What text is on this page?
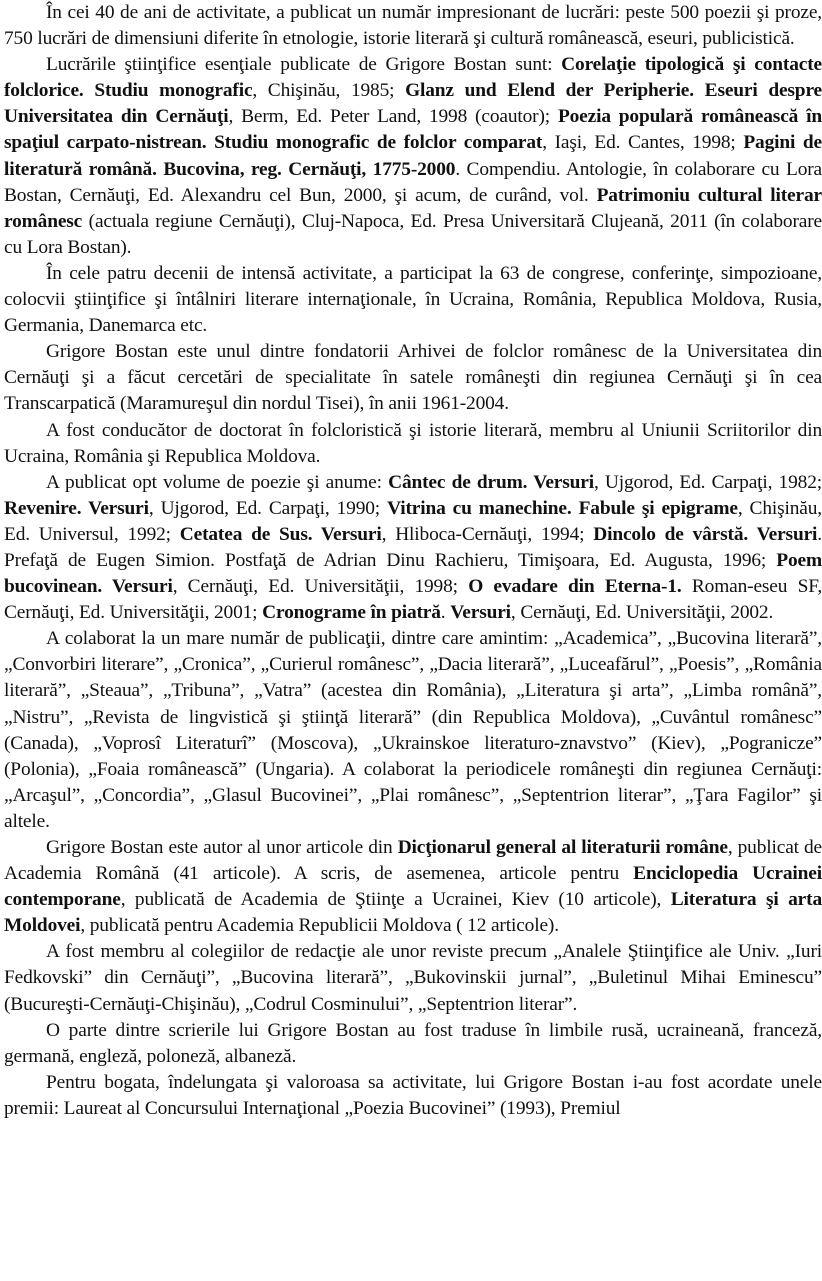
În cei 40 de ani de activitate, a publicat un număr impresionant de lucrări: peste 500 poezii şi proze, 750 lucrări de dimensiuni diferite în etnologie, istorie literară şi cultură românească, eseuri, publicistică.

Lucrările ştiinţifice esenţiale publicate de Grigore Bostan sunt: Corelaţie tipologică şi contacte folclorice. Studiu monografic, Chişinău, 1985; Glanz und Elend der Peripherie. Eseuri despre Universitatea din Cernăuţi, Berm, Ed. Peter Land, 1998 (coautor); Poezia populară românească în spaţiul carpato-nistrean. Studiu monografic de folclor comparat, Iaşi, Ed. Cantes, 1998; Pagini de literatură română. Bucovina, reg. Cernăuţi, 1775-2000. Compendiu. Antologie, în colaborare cu Lora Bostan, Cernăuţi, Ed. Alexandru cel Bun, 2000, şi acum, de curând, vol. Patrimoniu cultural literar românesc (actuala regiune Cernăuţi), Cluj-Napoca, Ed. Presa Universitară Clujeană, 2011 (în colaborare cu Lora Bostan).

În cele patru decenii de intensă activitate, a participat la 63 de congrese, conferinţe, simpozioane, colocvii ştiinţifice şi întâlniri literare internaţionale, în Ucraina, România, Republica Moldova, Rusia, Germania, Danemarca etc.

Grigore Bostan este unul dintre fondatorii Arhivei de folclor românesc de la Universitatea din Cernăuţi şi a făcut cercetări de specialitate în satele româneşti din regiunea Cernăuţi şi în cea Transcarpatică (Maramureşul din nordul Tisei), în anii 1961-2004.

A fost conducător de doctorat în folcloristică şi istorie literară, membru al Uniunii Scriitorilor din Ucraina, România şi Republica Moldova.

A publicat opt volume de poezie şi anume: Cântec de drum. Versuri, Ujgorod, Ed. Carpaţi, 1982; Revenire. Versuri, Ujgorod, Ed. Carpaţi, 1990; Vitrina cu manechine. Fabule şi epigrame, Chişinău, Ed. Universul, 1992; Cetatea de Sus. Versuri, Hliboca-Cernăuţi, 1994; Dincolo de vârstă. Versuri. Prefaţă de Eugen Simion. Postfaţă de Adrian Dinu Rachieru, Timişoara, Ed. Augusta, 1996; Poem bucovinean. Versuri, Cernăuţi, Ed. Universităţii, 1998; O evadare din Eterna-1. Roman-eseu SF, Cernăuţi, Ed. Universităţii, 2001; Cronograme în piatră. Versuri, Cernăuţi, Ed. Universităţii, 2002.

A colaborat la un mare număr de publicaţii, dintre care amintim: „Academica”, „Bucovina literară”, „Convorbiri literare”, „Cronica”, „Curierul românesc”, „Dacia literară”, „Luceafărul”, „Poesis”, „România literară”, „Steaua”, „Tribuna”, „Vatra” (acestea din România), „Literatura şi arta”, „Limba română”, „Nistru”, „Revista de lingvistică şi ştiinţă literară” (din Republica Moldova), „Cuvântul românesc” (Canada), „Voprosî Literaturî” (Moscova), „Ukrainskoe literaturo-znavstvo” (Kiev), „Pogranicze” (Polonia), „Foaia românească” (Ungaria). A colaborat la periodicele româneşti din regiunea Cernăuţi: „Arcaşul”, „Concordia”, „Glasul Bucovinei”, „Plai românesc”, „Septentrion literar”, „Ţara Fagilor” şi altele.

Grigore Bostan este autor al unor articole din Dicţionarul general al literaturii române, publicat de Academia Română (41 articole). A scris, de asemenea, articole pentru Enciclopedia Ucrainei contemporane, publicată de Academia de Ştiinţe a Ucrainei, Kiev (10 articole), Literatura şi arta Moldovei, publicată pentru Academia Republicii Moldova ( 12 articole).

A fost membru al colegiilor de redacţie ale unor reviste precum „Analele Ştiinţifice ale Univ. „Iuri Fedkovski” din Cernăuţi”, „Bucovina literară”, „Bukovinskii jurnal”, „Buletinul Mihai Eminescu” (Bucureşti-Cernăuţi-Chişinău), „Codrul Cosminului”, „Septentrion literar”.

O parte dintre scrierile lui Grigore Bostan au fost traduse în limbile rusă, ucraineană, franceză, germană, engleză, poloneză, albaneză.

Pentru bogata, îndelungata şi valoroasa sa activitate, lui Grigore Bostan i-au fost acordate unele premii: Laureat al Concursului Internaţional „Poezia Bucovinei” (1993), Premiul
